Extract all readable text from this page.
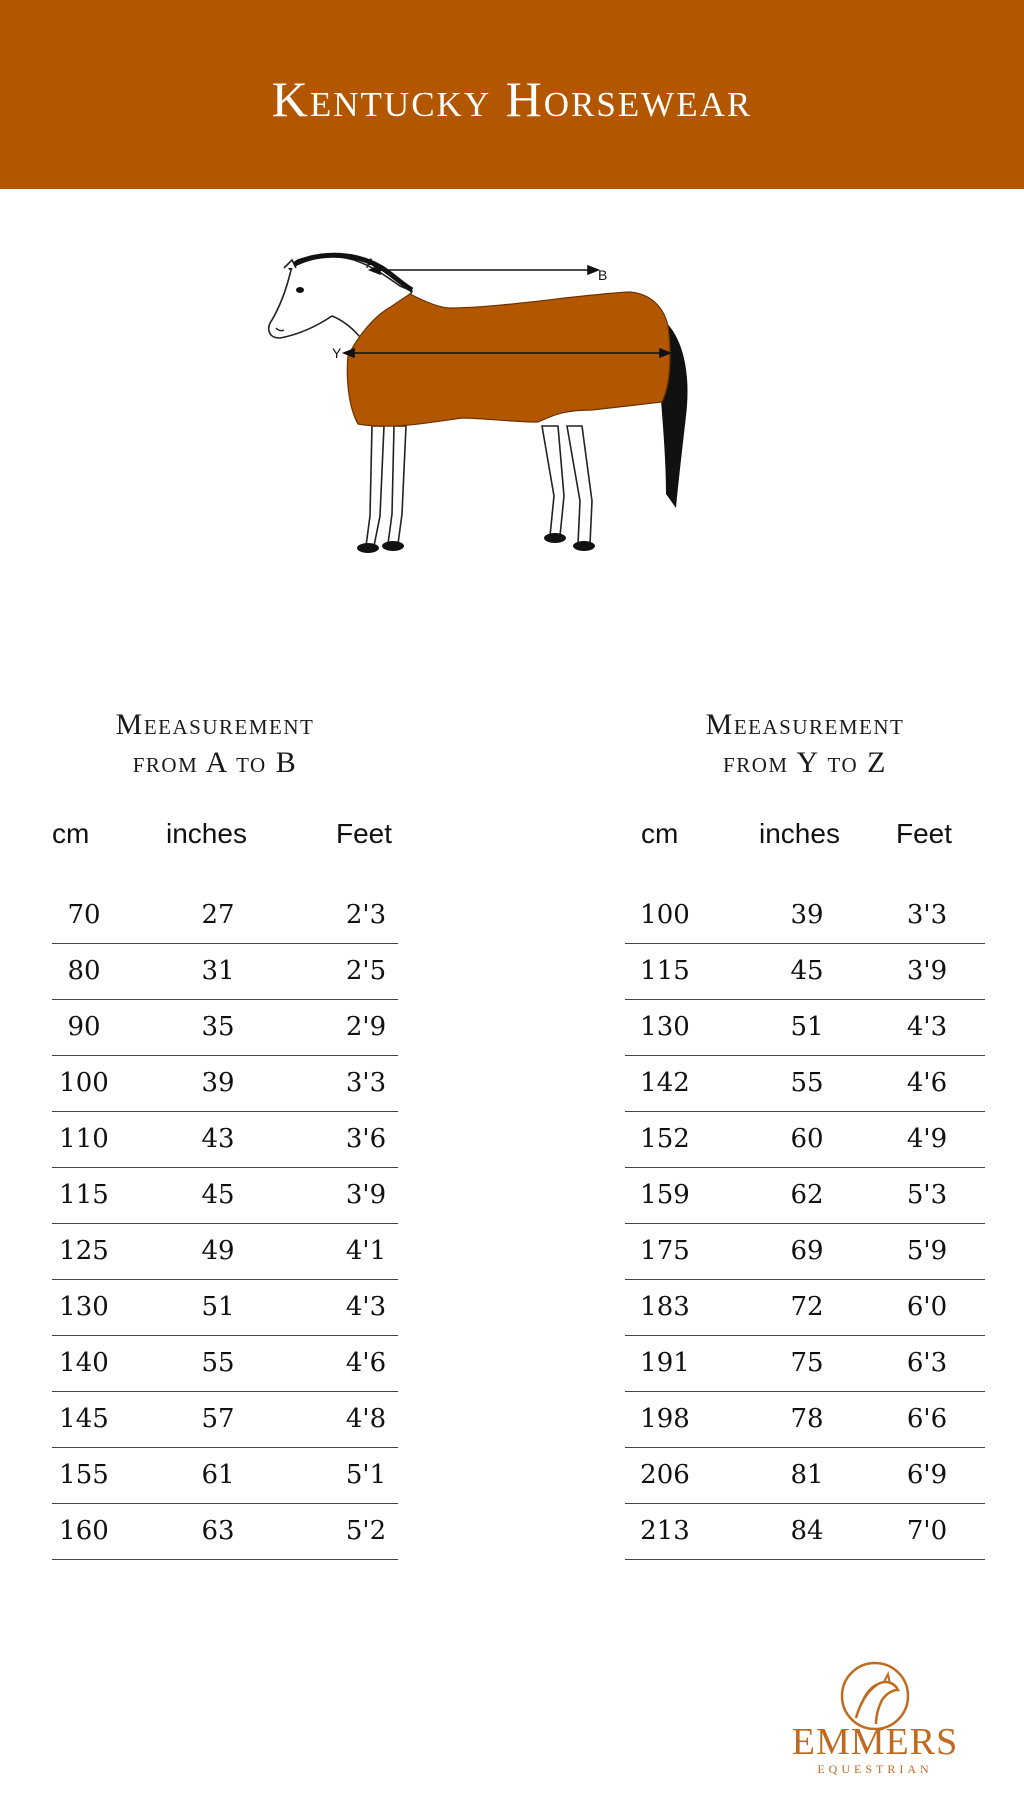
Kentucky Horsewear
A
B
Y	Z
Meeasurement
from A to B
Meeasurement
from Y to Z
cm	inches	Feet	cm	inches Feet
70	27	2'3
80	31	2'5
90	35	2'9
100	39	3'3
110	43	3'6
115	45	3'9
125	49	4'1
130	51	4'3
140	55	4'6
145	57	4'8
155	61	5'1
160	63	5'2
100	39	3'3
115	45	3'9
130	51	4'3
142	55	4'6
152	60	4'9
159	62	5'3
175	69	5'9
183	72	6'0
191	75	6'3
198	78	6'6
206	81	6'9
213	84	7'0
EMMERS
EQUESTRIAN
